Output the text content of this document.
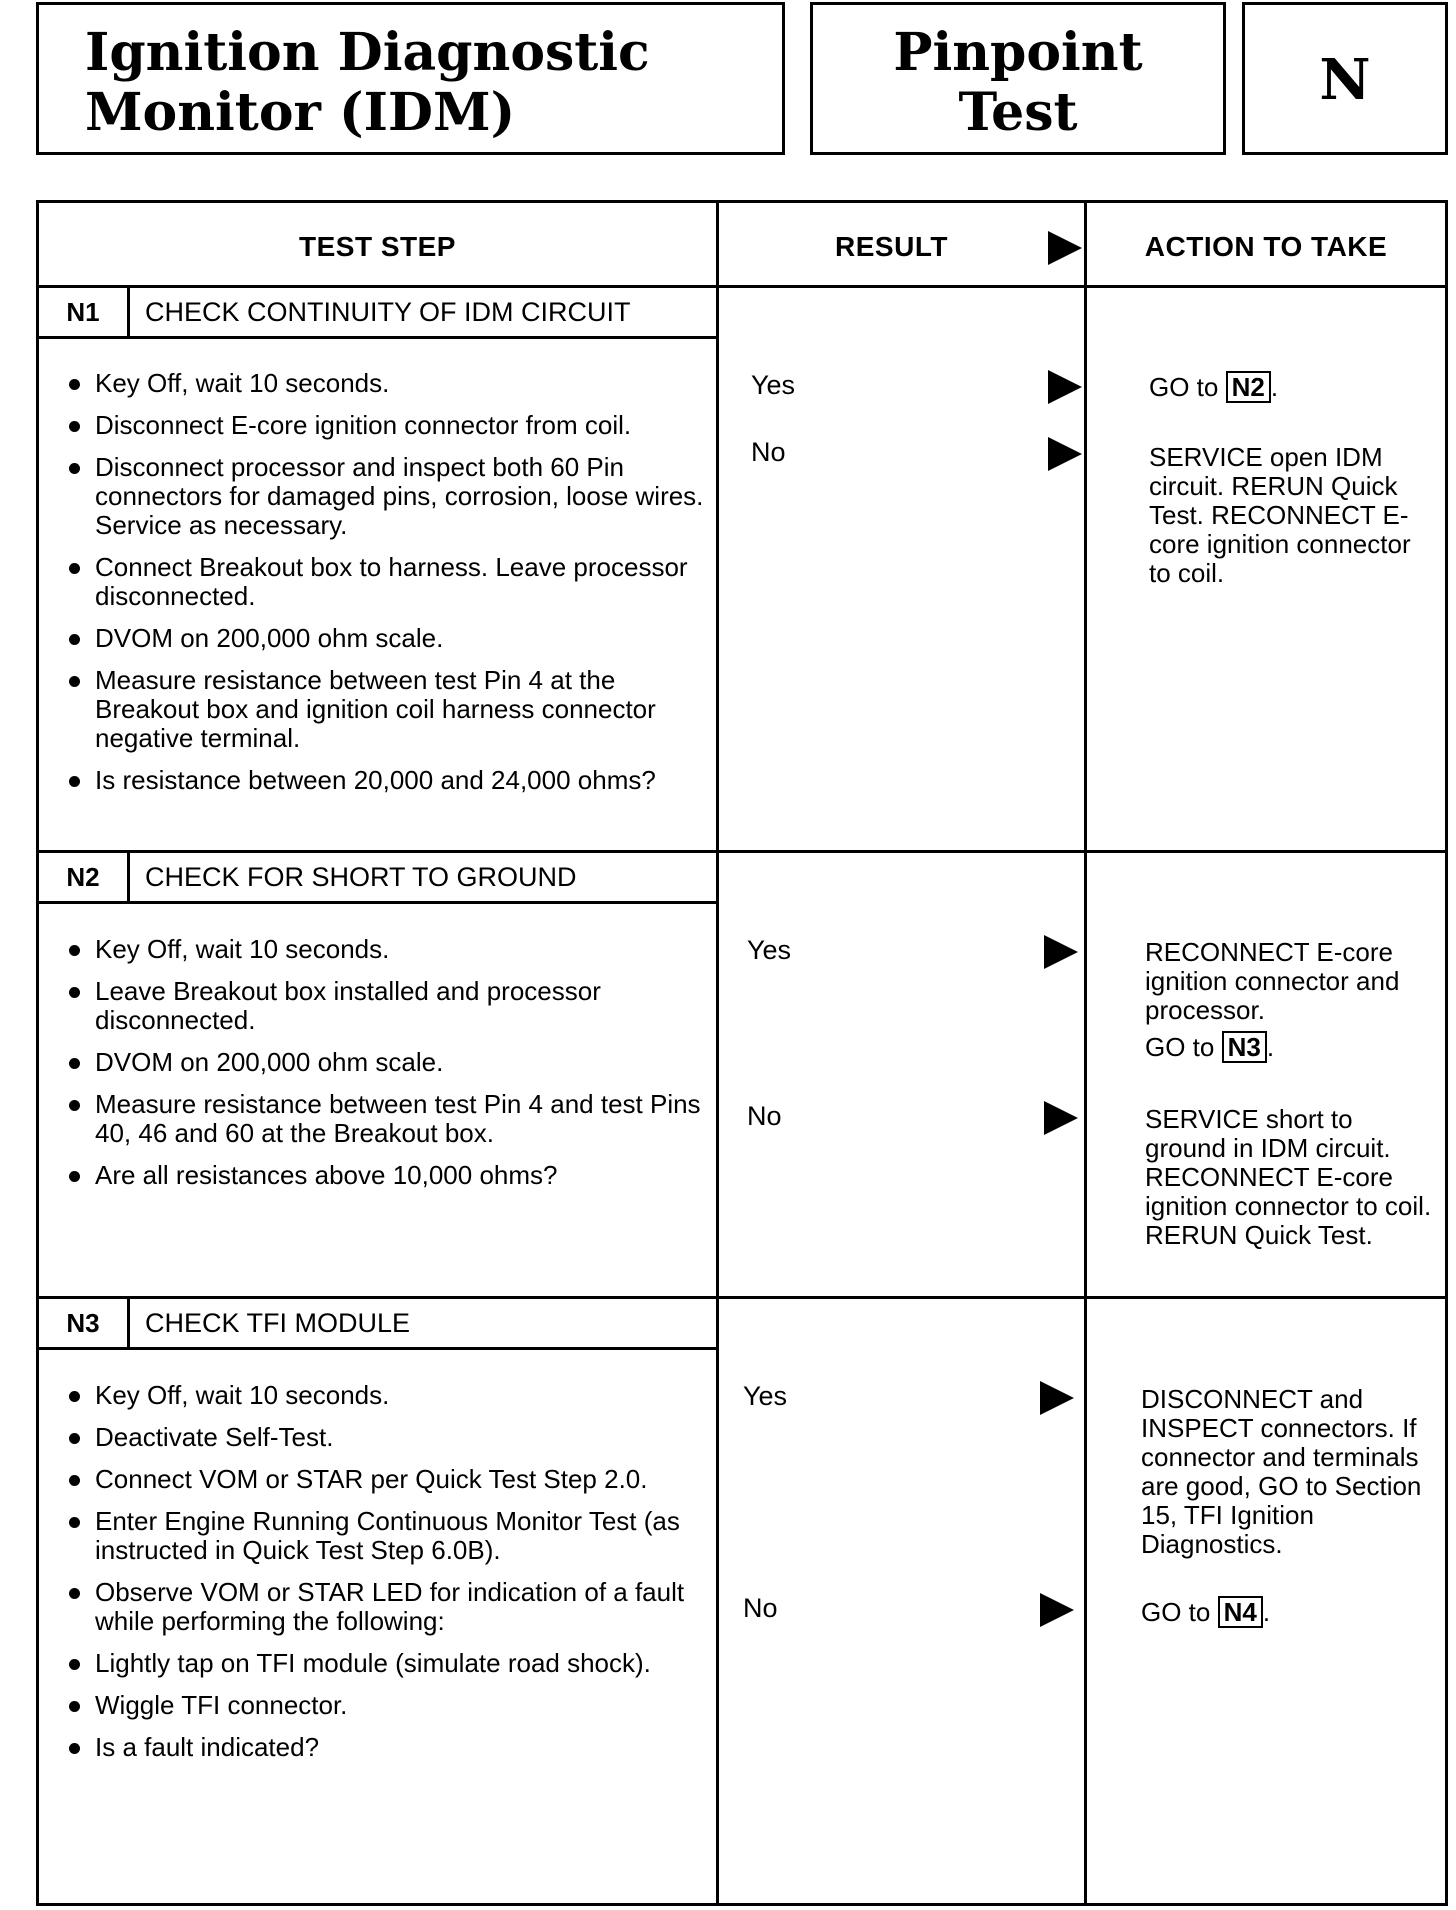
Ignition Diagnostic
Monitor (IDM)
Pinpoint
Test	N
TEST STEP	RESULT	ACTION TO TAKE
N1	CHECK CONTINUITY OF IDM CIRCUIT
Key Off, wait 10 seconds.
Disconnect E-core ignition connector from coil.
Disconnect processor and inspect both 60 Pin connectors for damaged pins, corrosion, loose wires. Service as necessary.
Connect Breakout box to harness. Leave processor disconnected.
DVOM on 200,000 ohm scale.
Measure resistance between test Pin 4 at the Breakout box and ignition coil harness connector negative terminal.
Is resistance between 20,000 and 24,000 ohms?
Yes	GO to N2 .
No	SERVICE open IDM circuit. RERUN Quick Test. RECONNECT E-core ignition connector to coil.
N2	CHECK FOR SHORT TO GROUND
Key Off, wait 10 seconds.
Leave Breakout box installed and processor disconnected.
DVOM on 200,000 ohm scale.
Measure resistance between test Pin 4 and test Pins 40, 46 and 60 at the Breakout box.
Are all resistances above 10,000 ohms?
Yes	RECONNECT E-core ignition connector and processor.
GO to N3 .
No	SERVICE short to ground in IDM circuit. RECONNECT E-core ignition connector to coil. RERUN Quick Test.
N3	CHECK TFI MODULE
Key Off, wait 10 seconds.
Deactivate Self-Test.
Connect VOM or STAR per Quick Test Step 2.0.
Enter Engine Running Continuous Monitor Test (as instructed in Quick Test Step 6.0B).
Observe VOM or STAR LED for indication of a fault while performing the following:
Lightly tap on TFI module (simulate road shock).
Wiggle TFI connector.
Is a fault indicated?
Yes	DISCONNECT and INSPECT connectors. If connector and terminals are good, GO to Section 15, TFI Ignition Diagnostics.
No	GO to N4 .
